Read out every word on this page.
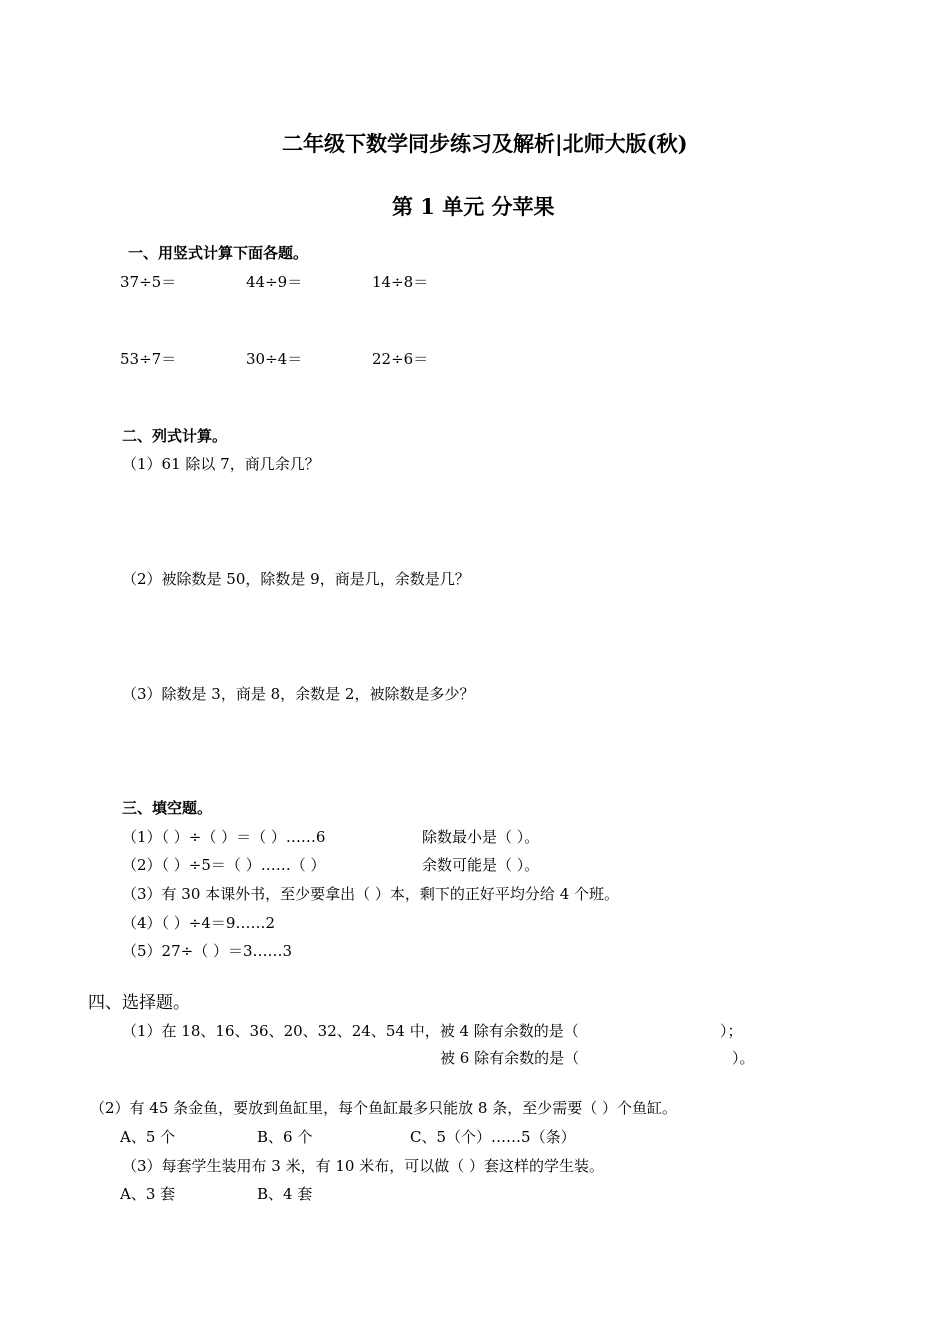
二年级下数学同步练习及解析|北师大版(秋)
第 1 单元 分苹果
一、用竖式计算下面各题。
37÷5＝	44÷9＝	14÷8＝
53÷7＝	30÷4＝	22÷6＝
二、列式计算。
（1）61 除以 7，商几余几？
（2）被除数是 50，除数是 9，商是几，余数是几？
（3）除数是 3，商是 8，余数是 2，被除数是多少？
三、填空题。
（1）（ ）÷（ ）＝（ ）……6	除数最小是（ ）。
（2）（ ）÷5＝（ ）……（ ）	余数可能是（ ）。
（3）有 30 本课外书，至少要拿出（ ）本，剩下的正好平均分给 4 个班。
（4）（ ）÷4＝9……2
（5）27÷（ ）＝3……3
四、选择题。
（1）在 18、16、36、20、32、24、54 中，被 4 除有余数的是（	）；
被 6 除有余数的是（	）。
（2）有 45 条金鱼，要放到鱼缸里，每个鱼缸最多只能放 8 条，至少需要（ ）个鱼缸。
A、5 个	B、6 个	C、5（个）……5（条）
（3）每套学生装用布 3 米，有 10 米布，可以做（ ）套这样的学生装。
A、3 套	B、4 套
